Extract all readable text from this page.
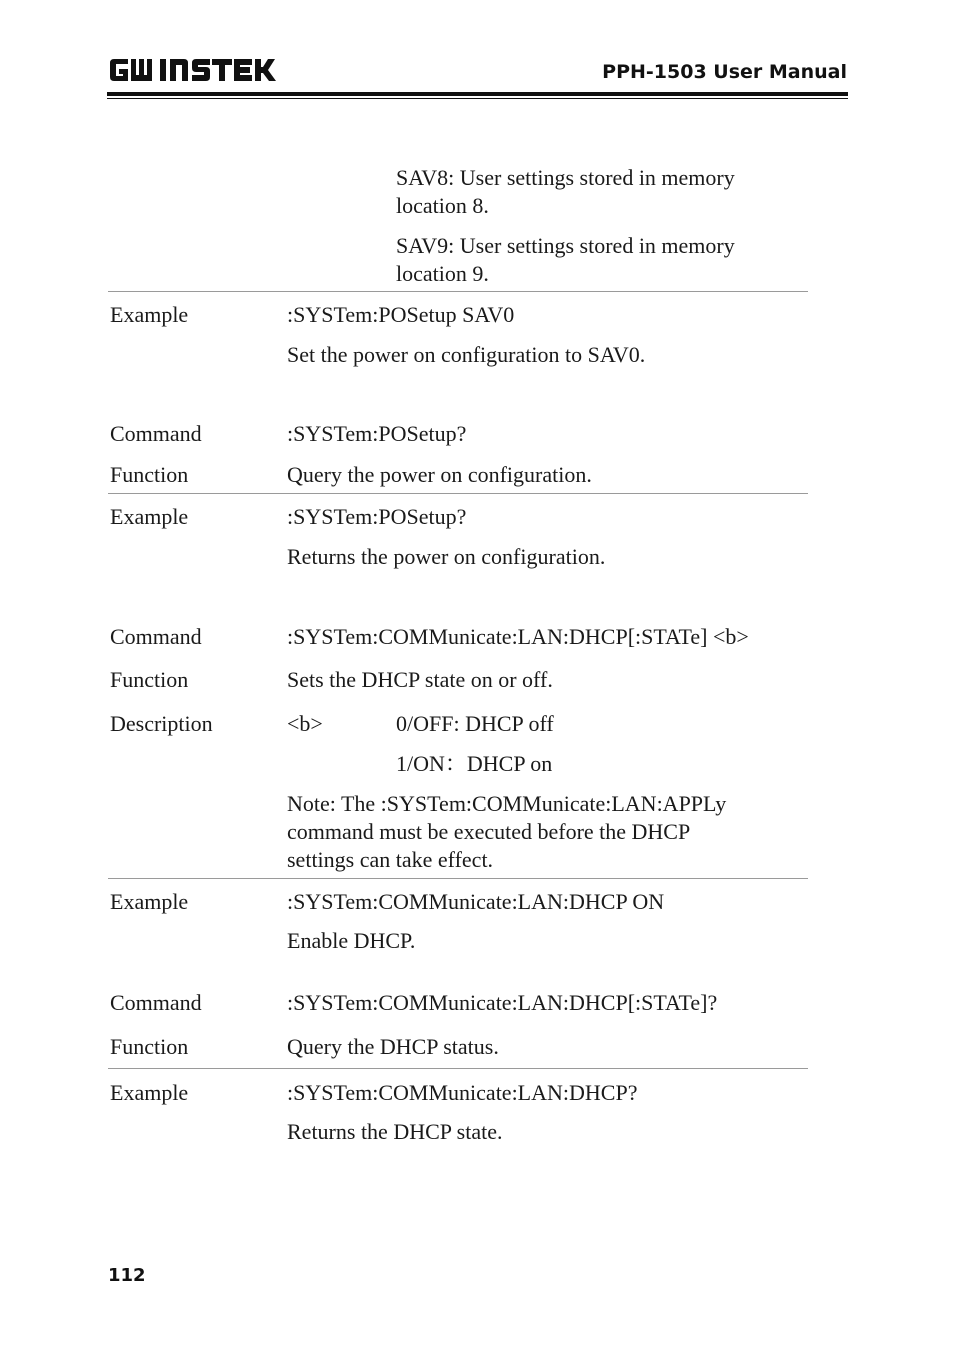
PPH-1503 User Manual
SAV8: User settings stored in memory
location 8.
SAV9: User settings stored in memory
location 9.
Example	:SYSTem:POSetup SAV0
Set the power on configuration to SAV0.
Command	:SYSTem:POSetup?
Function	Query the power on configuration.
Example	:SYSTem:POSetup?
Returns the power on configuration.
Command	:SYSTem:COMMunicate:LAN:DHCP[:STATe] <b>
Function	Sets the DHCP state on or off.
Description	<b>	0/OFF: DHCP off
1/ON：DHCP on
Note: The :SYSTem:COMMunicate:LAN:APPLy
command must be executed before the DHCP
settings can take effect.
Example	:SYSTem:COMMunicate:LAN:DHCP ON
Enable DHCP.
Command	:SYSTem:COMMunicate:LAN:DHCP[:STATe]?
Function	Query the DHCP status.
Example	:SYSTem:COMMunicate:LAN:DHCP?
Returns the DHCP state.
112
